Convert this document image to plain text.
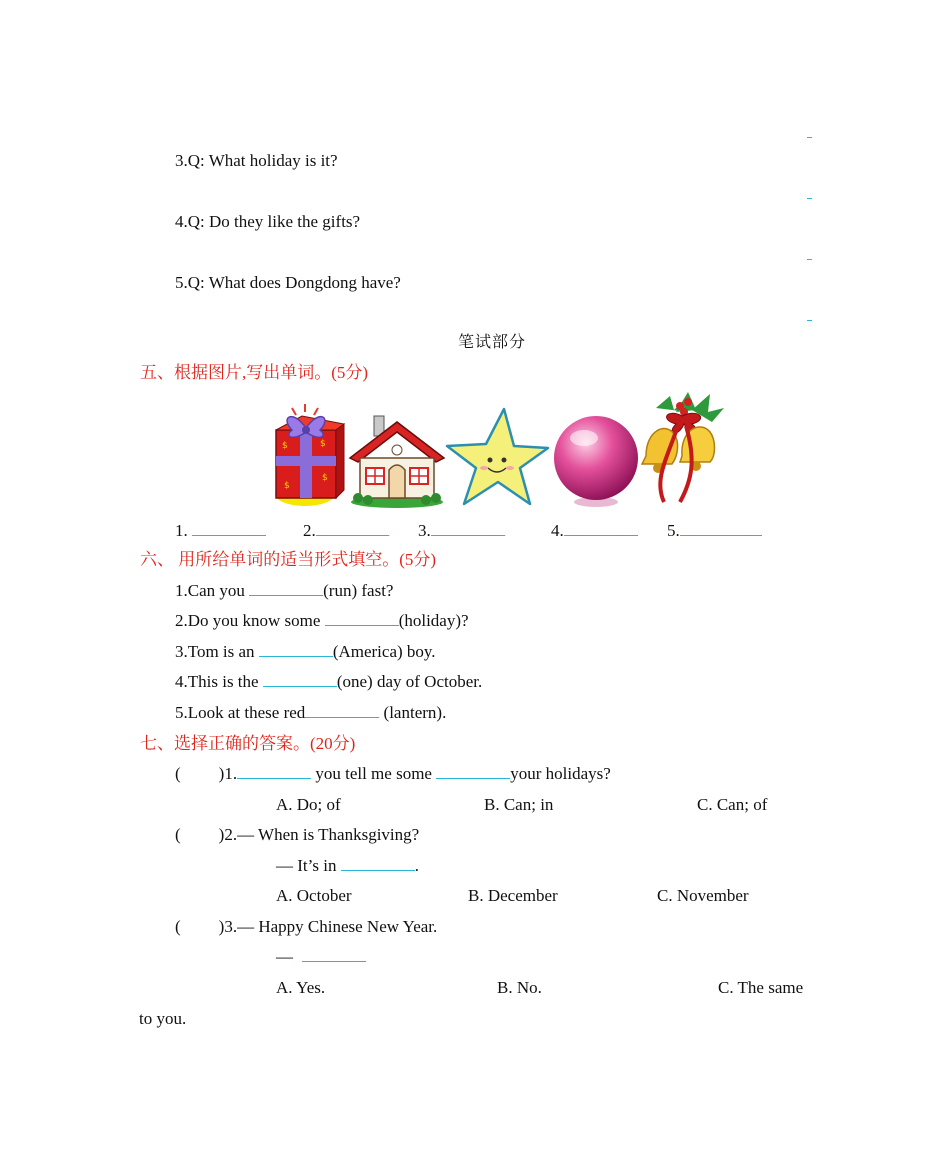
3.Q: What holiday is it?
4.Q: Do they like the gifts?
5.Q: What does Dongdong have?
笔试部分
五、根据图片,写出单词。(5分)
$
$
$
$
1.	2.	3.	4.	5.
六、 用所给单词的适当形式填空。(5分)
1.Can you	(run) fast?
2.Do you know some	(holiday)?
3.Tom is an	(America) boy.
4.This is the	(one) day of October.
5.Look at these red	(lantern).
七、选择正确的答案。(20分)
( )1.	you tell me some	your holidays?
A. Do; of	B. Can; in	C. Can; of
( )2.— When is Thanksgiving?
— It’s in	.
A. October	B. December	C. November
( )3.— Happy Chinese New Year.
—
A. Yes.	B. No.	C. The same
to you.
